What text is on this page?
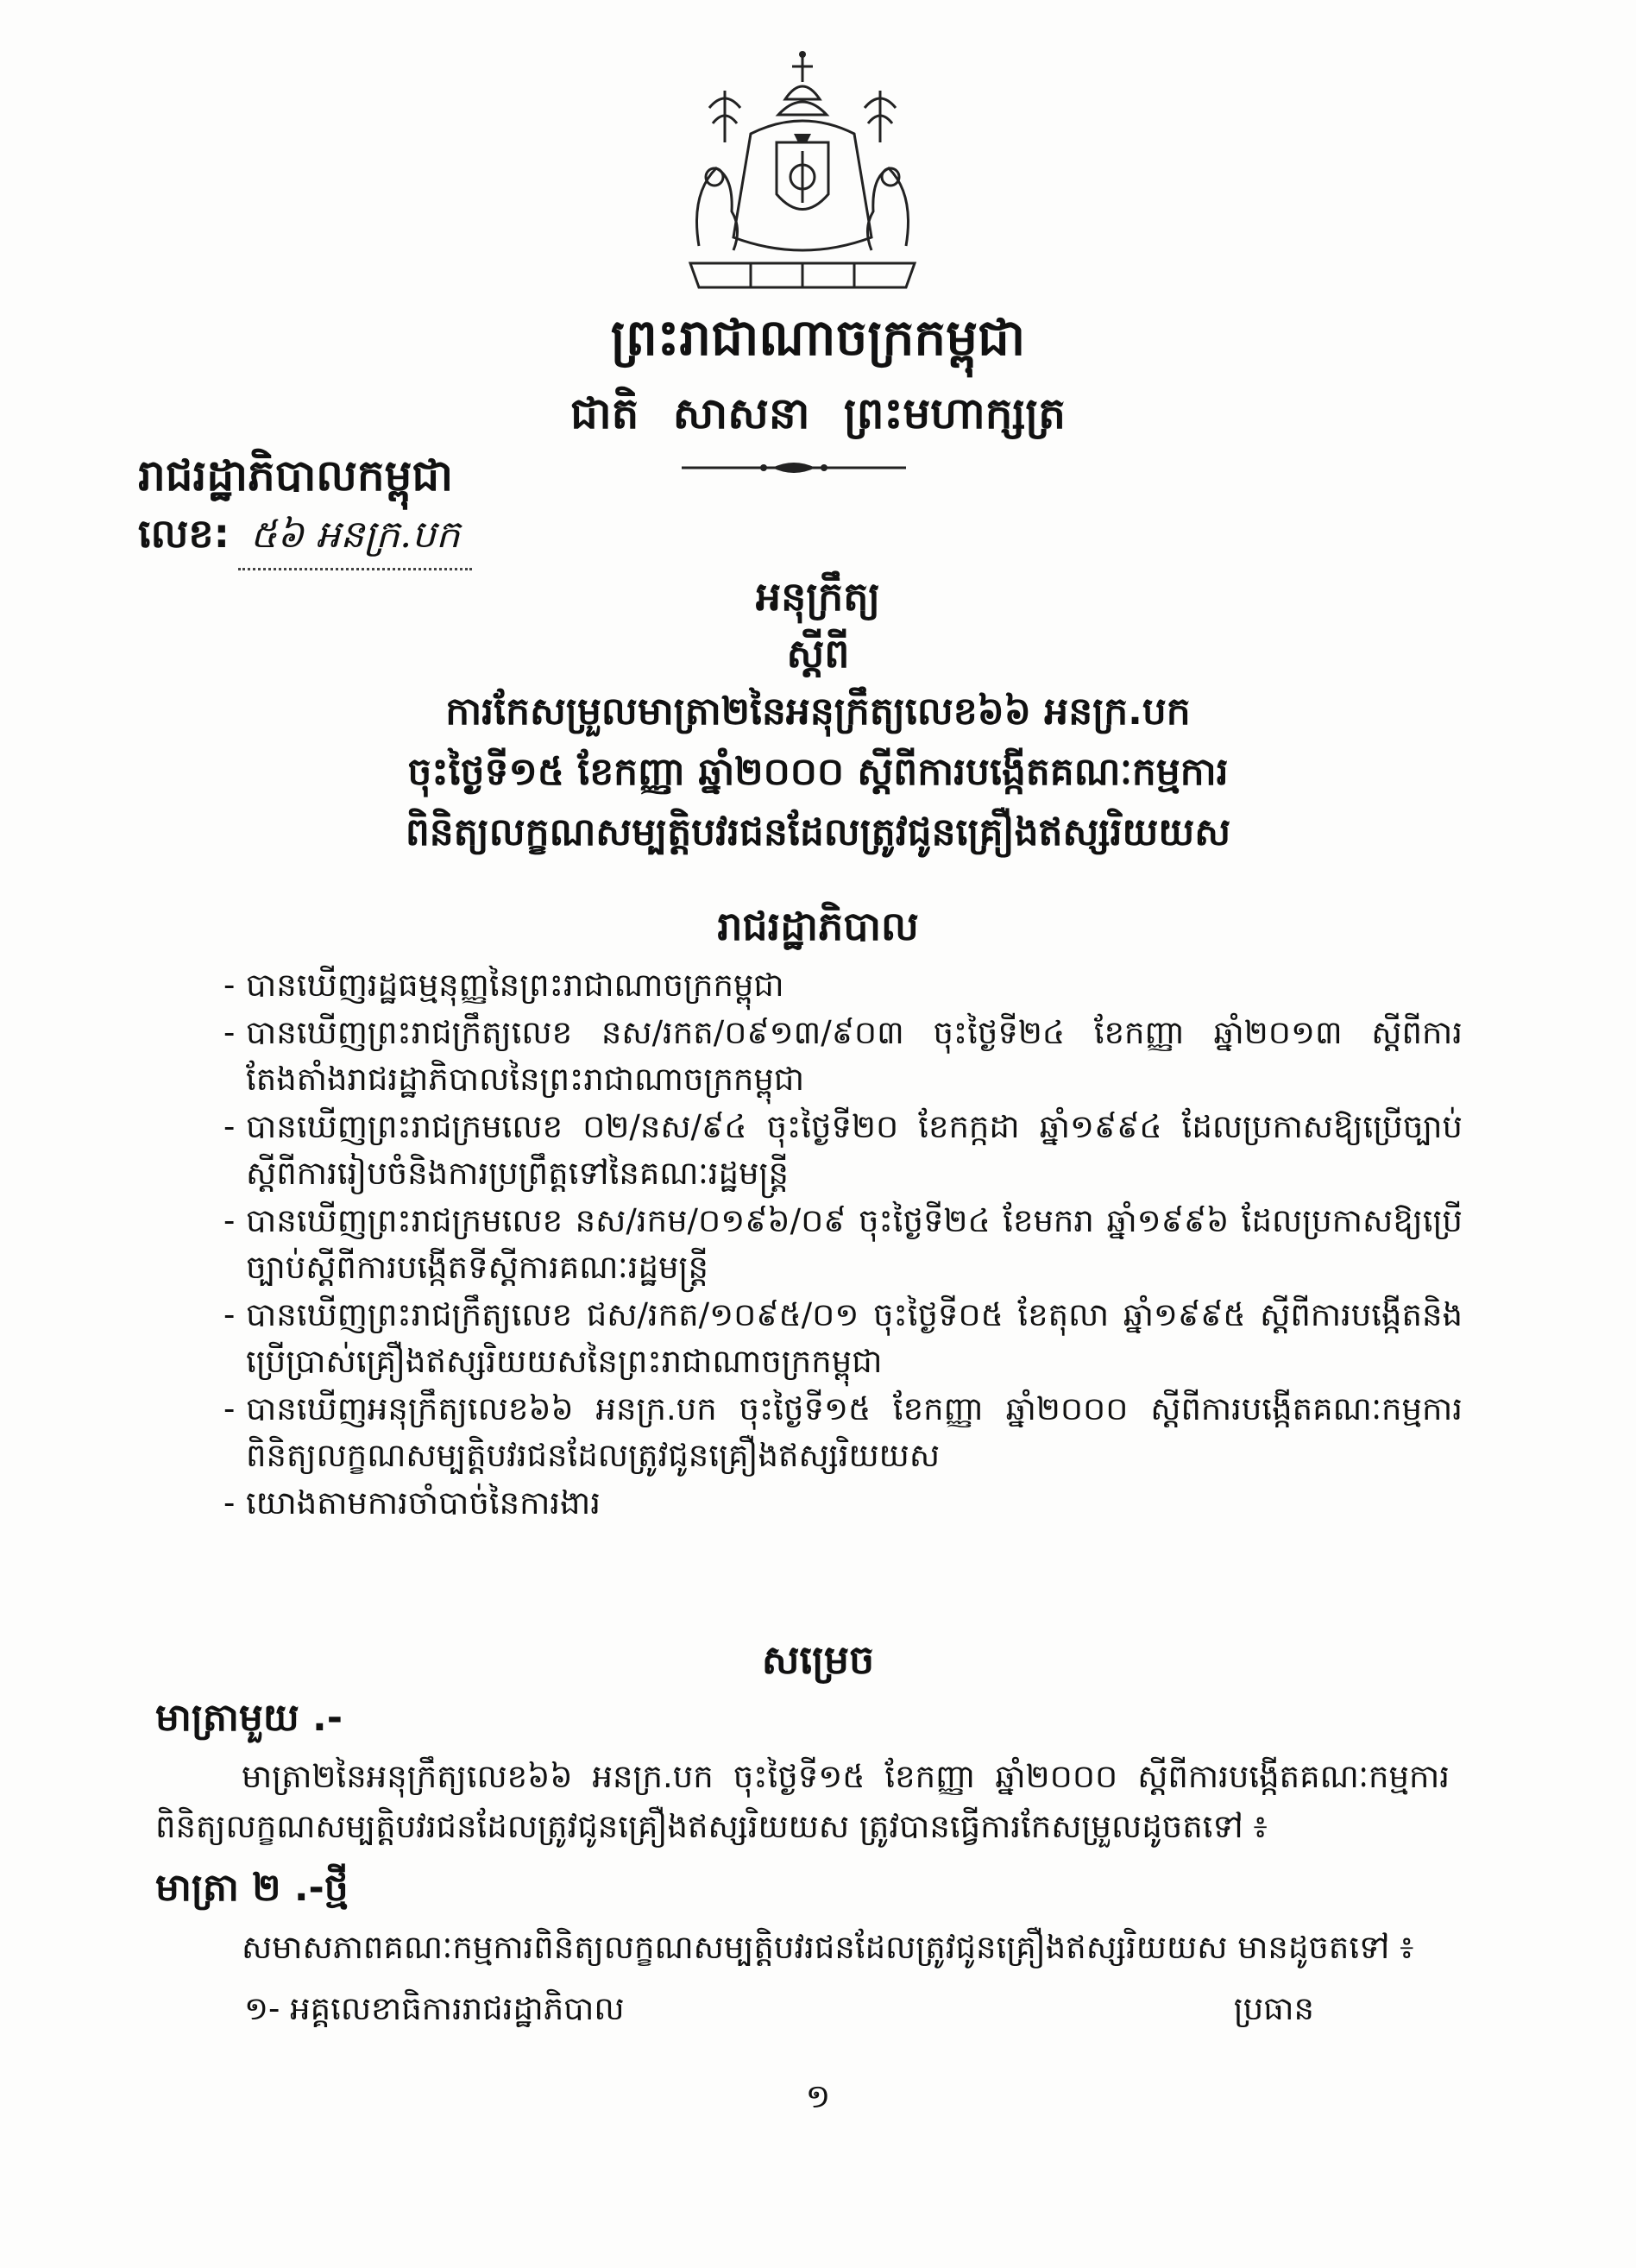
ព្រះរាជាណាចក្រកម្ពុជា
ជាតិ សាសនា ព្រះមហាក្សត្រ
រាជរដ្ឋាភិបាលកម្ពុជា
លេខ: ៥៦ អនក្រ.បក
អនុក្រឹត្យ
ស្តីពី
ការកែសម្រួលមាត្រា២នៃអនុក្រឹត្យលេខ៦៦ អនក្រ.បក
ចុះថ្ងៃទី១៥ ខែកញ្ញា ឆ្នាំ២០០០ ស្តីពីការបង្កើតគណៈកម្មការ
ពិនិត្យលក្ខណសម្បត្តិបវរជនដែលត្រូវជូនគ្រឿងឥស្សរិយយស
រាជរដ្ឋាភិបាល
- បានឃើញរដ្ឋធម្មនុញ្ញនៃព្រះរាជាណាចក្រកម្ពុជា
- បានឃើញព្រះរាជក្រឹត្យលេខ នស/រកត/០៩១៣/៩០៣ ចុះថ្ងៃទី២៤ ខែកញ្ញា ឆ្នាំ២០១៣ ស្តីពីការតែងតាំងរាជរដ្ឋាភិបាលនៃព្រះរាជាណាចក្រកម្ពុជា
- បានឃើញព្រះរាជក្រមលេខ ០២/នស/៩៤ ចុះថ្ងៃទី២០ ខែកក្កដា ឆ្នាំ១៩៩៤ ដែលប្រកាសឱ្យប្រើច្បាប់ស្តីពីការរៀបចំនិងការប្រព្រឹត្តទៅនៃគណៈរដ្ឋមន្ត្រី
- បានឃើញព្រះរាជក្រមលេខ នស/រកម/០១៩៦/០៩ ចុះថ្ងៃទី២៤ ខែមករា ឆ្នាំ១៩៩៦ ដែលប្រកាសឱ្យប្រើច្បាប់ស្តីពីការបង្កើតទីស្តីការគណៈរដ្ឋមន្ត្រី
- បានឃើញព្រះរាជក្រឹត្យលេខ ជស/រកត/១០៩៥/០១ ចុះថ្ងៃទី០៥ ខែតុលា ឆ្នាំ១៩៩៥ ស្តីពីការបង្កើតនិងប្រើប្រាស់គ្រឿងឥស្សរិយយសនៃព្រះរាជាណាចក្រកម្ពុជា
- បានឃើញអនុក្រឹត្យលេខ៦៦ អនក្រ.បក ចុះថ្ងៃទី១៥ ខែកញ្ញា ឆ្នាំ២០០០ ស្តីពីការបង្កើតគណៈកម្មការពិនិត្យលក្ខណសម្បត្តិបវរជនដែលត្រូវជូនគ្រឿងឥស្សរិយយស
- យោងតាមការចាំបាច់នៃការងារ
សម្រេច
មាត្រាមួយ .-
មាត្រា២នៃអនុក្រឹត្យលេខ៦៦ អនក្រ.បក ចុះថ្ងៃទី១៥ ខែកញ្ញា ឆ្នាំ២០០០ ស្តីពីការបង្កើតគណៈកម្មការពិនិត្យលក្ខណសម្បត្តិបវរជនដែលត្រូវជូនគ្រឿងឥស្សរិយយស ត្រូវបានធ្វើការកែសម្រួលដូចតទៅ ៖
មាត្រា ២ .-ថ្មី
សមាសភាពគណៈកម្មការពិនិត្យលក្ខណសម្បត្តិបវរជនដែលត្រូវជូនគ្រឿងឥស្សរិយយស មានដូចតទៅ ៖
១- អគ្គលេខាធិការរាជរដ្ឋាភិបាល	ប្រធាន
១
